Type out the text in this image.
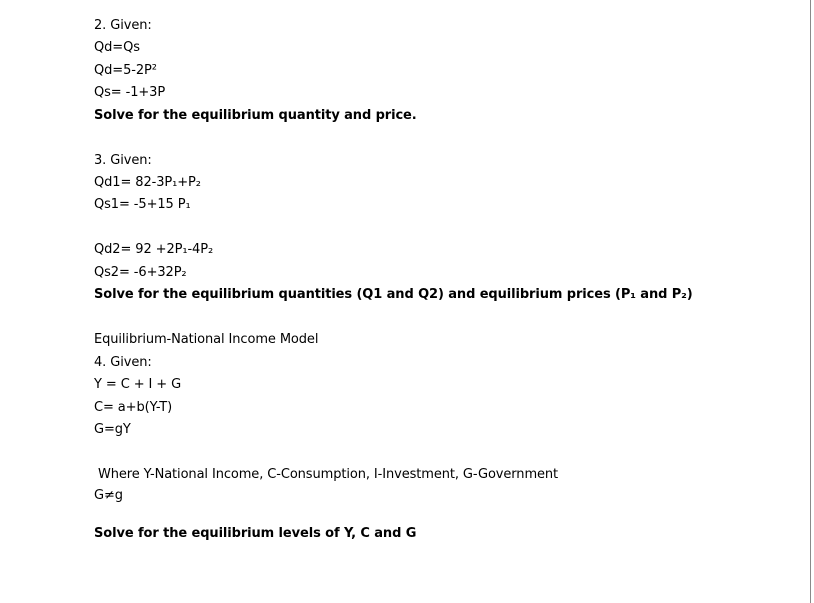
2. Given:
Qd=Qs
Qd=5-2P²
Qs= -1+3P
Solve for the equilibrium quantity and price.
3. Given:
Qd1= 82-3P₁+P₂
Qs1= -5+15 P₁
Qd2= 92 +2P₁-4P₂
Qs2= -6+32P₂
Solve for the equilibrium quantities (Q1 and Q2) and equilibrium prices (P₁ and P₂)
Equilibrium-National Income Model
4. Given:
Y = C + I + G
C= a+b(Y-T)
G=gY
Where Y-National Income, C-Consumption, I-Investment, G-Government
G≠g
Solve for the equilibrium levels of Y, C and G
